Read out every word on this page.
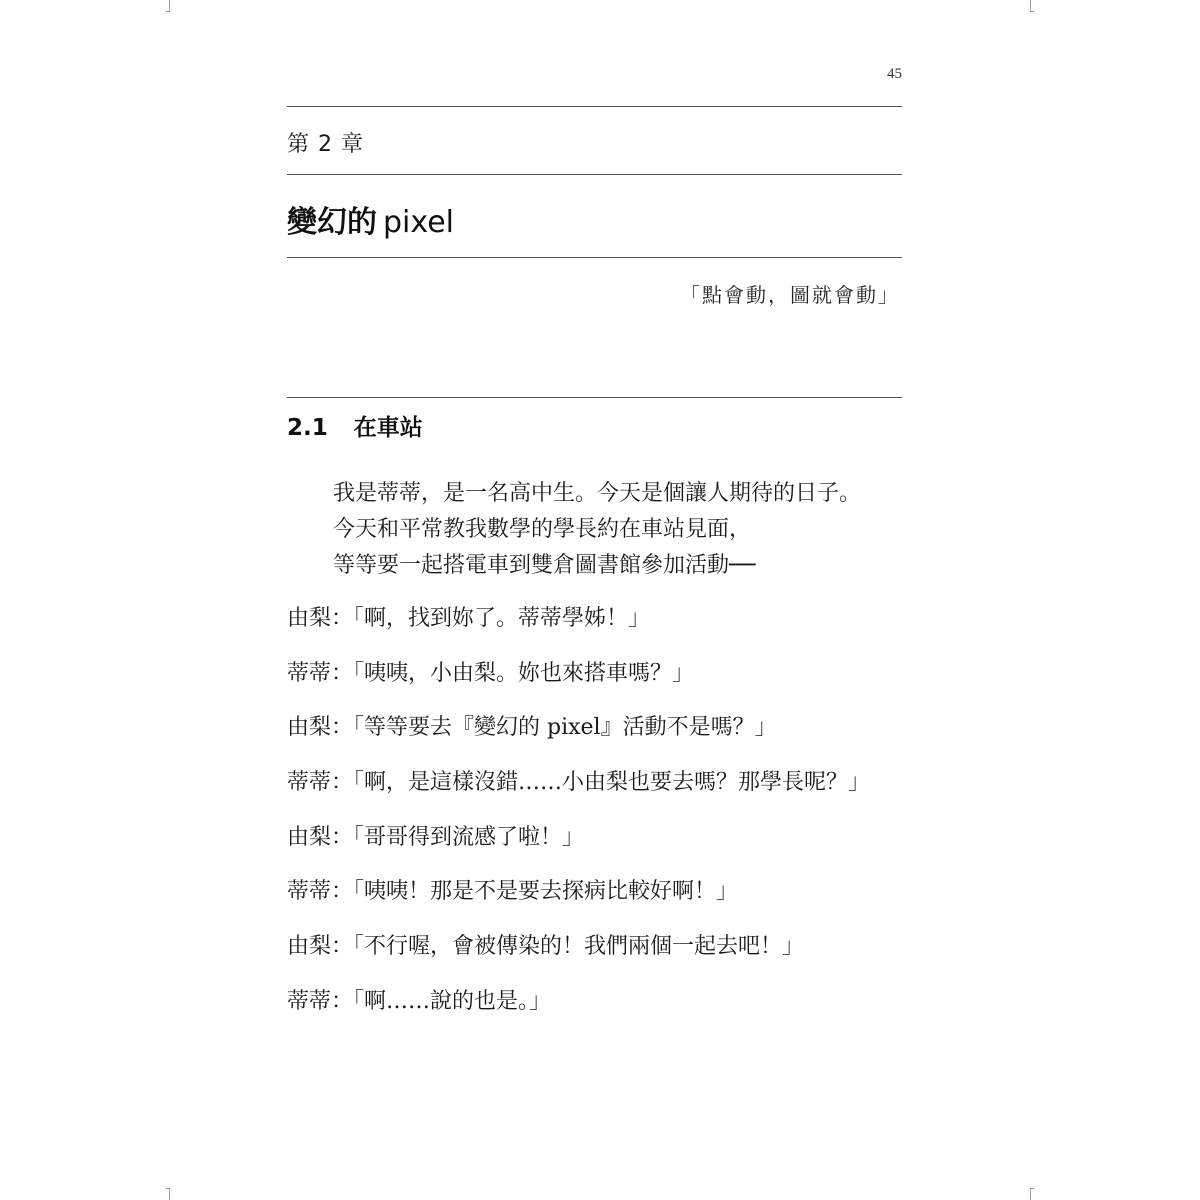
45
第 2 章
變幻的 pixel
「點會動，圖就會動」
2.1 在車站
我是蒂蒂，是一名高中生。今天是個讓人期待的日子。
今天和平常教我數學的學長約在車站見面，
等等要一起搭電車到雙倉圖書館參加活動──
由梨：「啊，找到妳了。蒂蒂學姊！」
蒂蒂：「咦咦，小由梨。妳也來搭車嗎？」
由梨：「等等要去『變幻的 pixel』活動不是嗎？」
蒂蒂：「啊，是這樣沒錯……小由梨也要去嗎？那學長呢？」
由梨：「哥哥得到流感了啦！」
蒂蒂：「咦咦！那是不是要去探病比較好啊！」
由梨：「不行喔，會被傳染的！我們兩個一起去吧！」
蒂蒂：「啊……說的也是。」
